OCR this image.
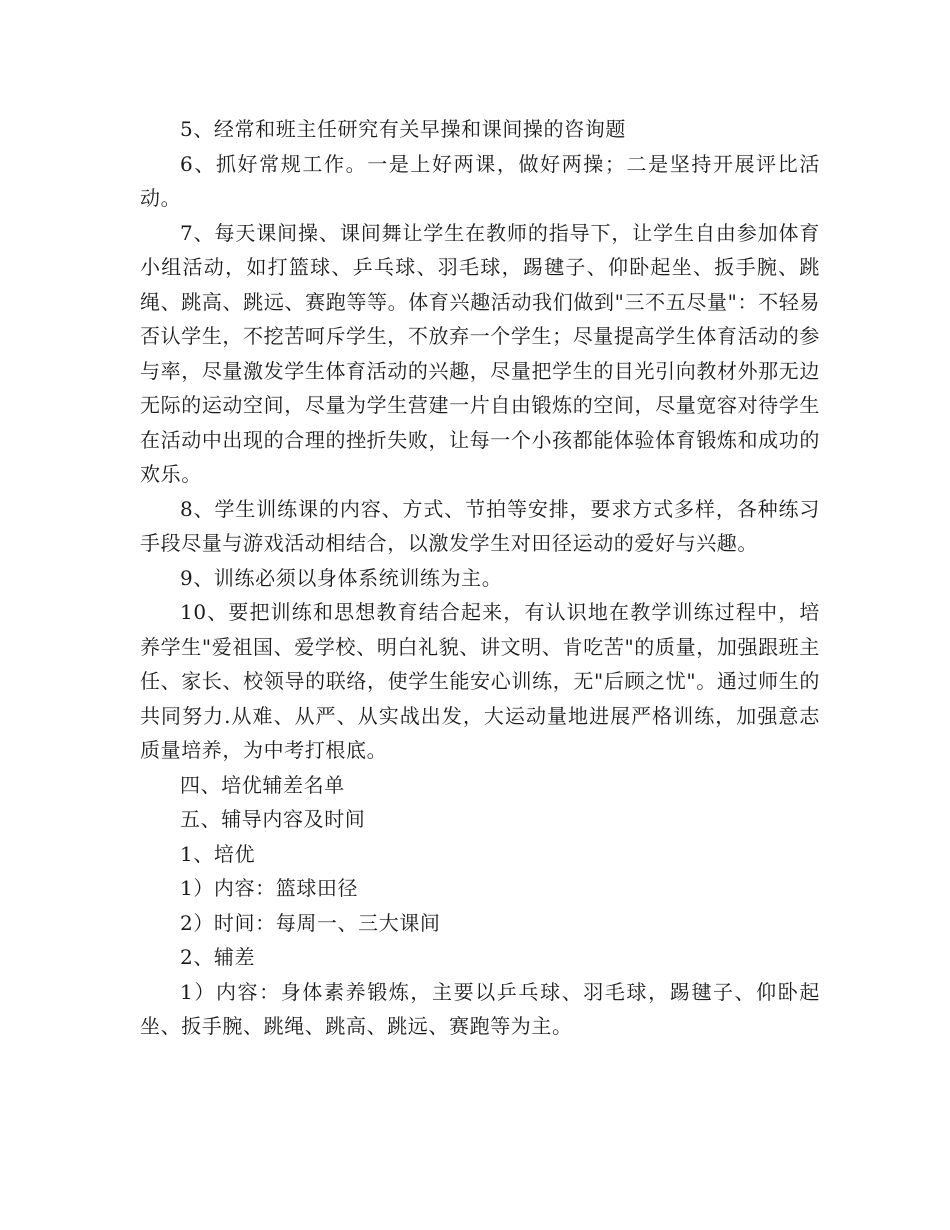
5、经常和班主任研究有关早操和课间操的咨询题

6、抓好常规工作。一是上好两课，做好两操；二是坚持开展评比活动。

7、每天课间操、课间舞让学生在教师的指导下，让学生自由参加体育小组活动，如打篮球、乒乓球、羽毛球，踢毽子、仰卧起坐、扳手腕、跳绳、跳高、跳远、赛跑等等。体育兴趣活动我们做到"三不五尽量"：不轻易否认学生，不挖苦呵斥学生，不放弃一个学生；尽量提高学生体育活动的参与率，尽量激发学生体育活动的兴趣，尽量把学生的目光引向教材外那无边无际的运动空间，尽量为学生营建一片自由锻炼的空间，尽量宽容对待学生在活动中出现的合理的挫折失败，让每一个小孩都能体验体育锻炼和成功的欢乐。

8、学生训练课的内容、方式、节拍等安排，要求方式多样，各种练习手段尽量与游戏活动相结合，以激发学生对田径运动的爱好与兴趣。

9、训练必须以身体系统训练为主。

10、要把训练和思想教育结合起来，有认识地在教学训练过程中，培养学生"爱祖国、爱学校、明白礼貌、讲文明、肯吃苦"的质量，加强跟班主任、家长、校领导的联络，使学生能安心训练，无"后顾之忧"。通过师生的共同努力.从难、从严、从实战出发，大运动量地进展严格训练，加强意志质量培养，为中考打根底。

四、培优辅差名单

五、辅导内容及时间

1、培优

1）内容：篮球田径

2）时间：每周一、三大课间

2、辅差

1）内容：身体素养锻炼，主要以乒乓球、羽毛球，踢毽子、仰卧起坐、扳手腕、跳绳、跳高、跳远、赛跑等为主。
